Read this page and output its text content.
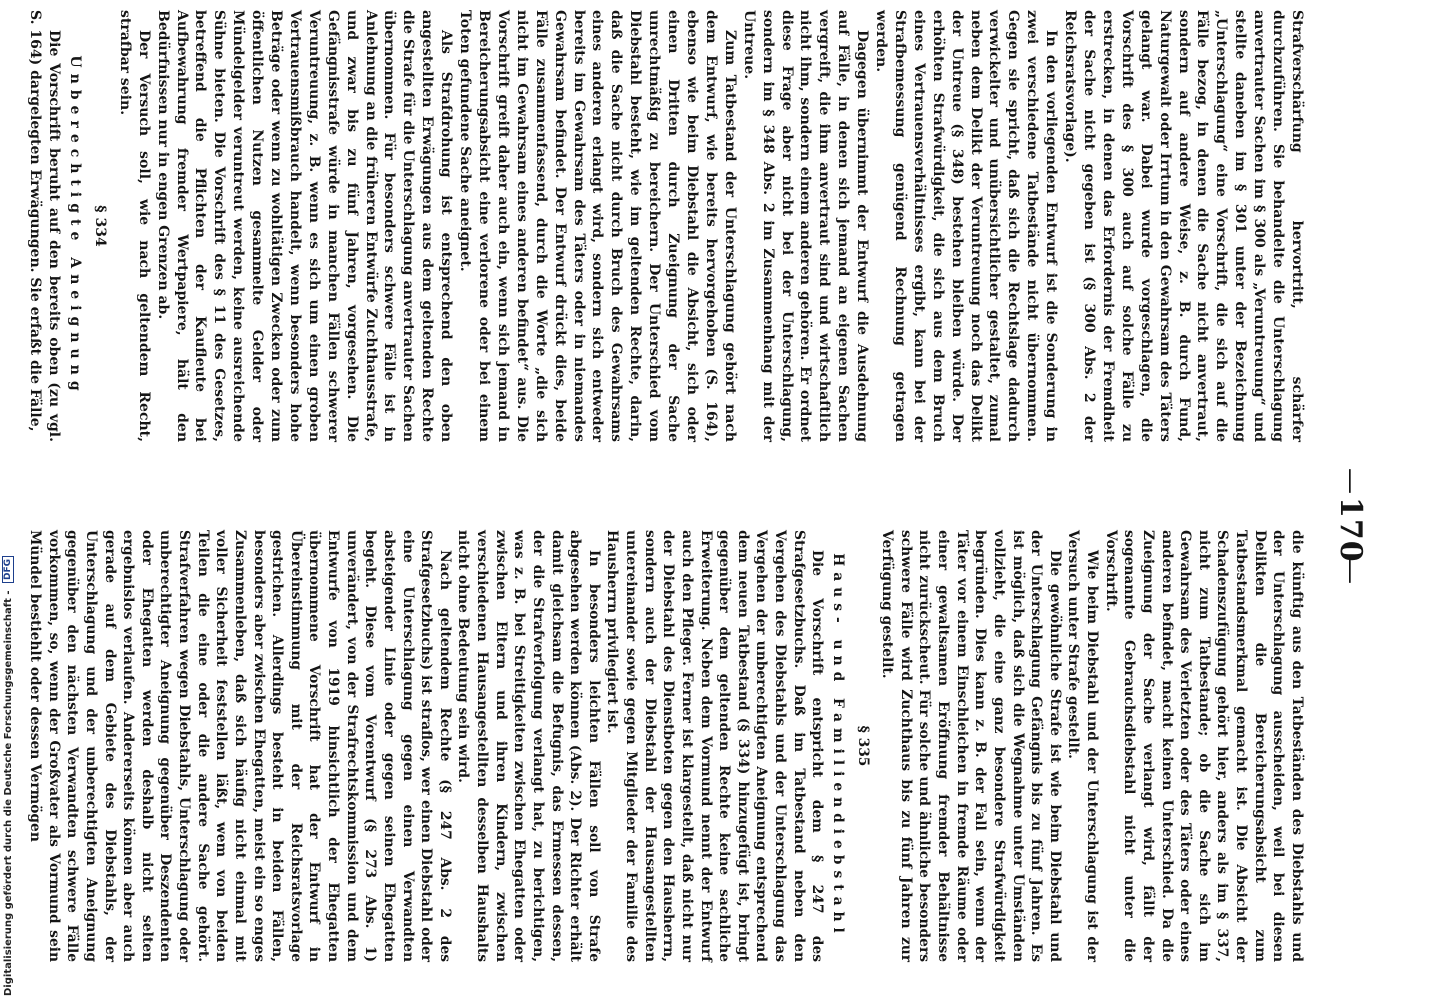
—
170
—

Strafverschärfung hervortritt, schärfer durchzuführen. Sie behandelte die Unterschlagung anvertrauter Sachen im § 300 als „Veruntreuung“ und stellte daneben im § 301 unter der Bezeichnung „Unterschlagung“ eine Vorschrift, die sich auf die Fälle bezog, in denen die Sache nicht anvertraut, sondern auf andere Weise, z. B. durch Fund, Naturgewalt oder Irrtum in den Gewahrsam des Täters gelangt war. Dabei wurde vorgeschlagen, die Vorschrift des § 300 auch auf solche Fälle zu erstrecken, in denen das Erfordernis der Fremdheit der Sache nicht gegeben ist (§ 300 Abs. 2 der Reichsratsvorlage).

In den vorliegenden Entwurf ist die Sonderung in zwei verschiedene Tatbestände nicht übernommen. Gegen sie spricht, daß sich die Rechtslage dadurch verwickelter und unübersichtlicher gestaltet, zumal neben dem Delikt der Veruntreuung noch das Delikt der Untreue (§ 348) bestehen bleiben würde. Der erhöhten Strafwürdigkeit, die sich aus dem Bruch eines Vertrauensverhältnisses ergibt, kann bei der Strafbemessung genügend Rechnung getragen werden.

Dagegen übernimmt der Entwurf die Ausdehnung auf Fälle, in denen sich jemand an eigenen Sachen vergreift, die ihm anvertraut sind und wirtschaftlich nicht ihm, sondern einem anderen gehören. Er ordnet diese Frage aber nicht bei der Unterschlagung, sondern im § 348 Abs. 2 im Zusammenhang mit der Untreue.

Zum Tatbestand der Unterschlagung gehört nach dem Entwurf, wie bereits hervorgehoben (S. 164), ebenso wie beim Diebstahl die Absicht, sich oder einen Dritten durch Zueignung der Sache unrechtmäßig zu bereichern. Der Unterschied vom Diebstahl besteht, wie im geltenden Rechte, darin, daß die Sache nicht durch Bruch des Gewahrsams eines anderen erlangt wird, sondern sich entweder bereits im Gewahrsam des Täters oder in niemandes Gewahrsam befindet. Der Entwurf drückt dies, beide Fälle zusammenfassend, durch die Worte „die sich nicht im Gewahrsam eines anderen befindet“ aus. Die Vorschrift greift daher auch ein, wenn sich jemand in Bereicherungsabsicht eine verlorene oder bei einem Toten gefundene Sache aneignet.

Als Strafdrohung ist entsprechend den oben angestellten Erwägungen aus dem geltenden Rechte die Strafe für die Unterschlagung anvertrauter Sachen übernommen. Für besonders schwere Fälle ist in Anlehnung an die früheren Entwürfe Zuchthausstrafe, und zwar bis zu fünf Jahren, vorgesehen. Die Gefängnisstrafe würde in manchen Fällen schwerer Veruntreuung, z. B. wenn es sich um einen groben Vertrauensmißbrauch handelt, wenn besonders hohe Beträge oder wenn zu wohltätigen Zwecken oder zum öffentlichen Nutzen gesammelte Gelder oder Mündelgelder veruntreut werden, keine ausreichende Sühne bieten. Die Vorschrift des § 11 des Gesetzes, betreffend die Pflichten der Kaufleute bei Aufbewahrung fremder Wertpapiere, hält den Bedürfnissen nur in engen Grenzen ab.

Der Versuch soll, wie nach geltendem Recht, strafbar sein.

§ 334
Unberechtigte Aneignung

Die Vorschrift beruht auf den bereits oben (zu vgl. S. 164) dargelegten Erwägungen. Sie erfaßt die Fälle,

die künftig aus den Tatbeständen des Diebstahls und der Unterschlagung ausscheiden, weil bei diesen Delikten die Bereicherungsabsicht zum Tatbestandsmerkmal gemacht ist. Die Absicht der Schadenszufügung gehört hier, anders als im § 337, nicht zum Tatbestande; ob die Sache sich im Gewahrsam des Verletzten oder des Täters oder eines anderen befindet, macht keinen Unterschied. Da die Zueignung der Sache verlangt wird, fällt der sogenannte Gebrauchsdiebstahl nicht unter die Vorschrift.

Wie beim Diebstahl und der Unterschlagung ist der Versuch unter Strafe gestellt.

Die gewöhnliche Strafe ist wie beim Diebstahl und der Unterschlagung Gefängnis bis zu fünf Jahren. Es ist möglich, daß sich die Wegnahme unter Umständen vollzieht, die eine ganz besondere Strafwürdigkeit begründen. Dies kann z. B. der Fall sein, wenn der Täter vor einem Einschleichen in fremde Räume oder einer gewaltsamen Eröffnung fremder Behältnisse nicht zurückscheut. Für solche und ähnliche besonders schwere Fälle wird Zuchthaus bis zu fünf Jahren zur Verfügung gestellt.

§ 335
Haus- und Familiendiebstahl

Die Vorschrift entspricht dem § 247 des Strafgesetzbuchs. Daß im Tatbestand neben den Vergehen des Diebstahls und der Unterschlagung das Vergehen der unberechtigten Aneignung entsprechend dem neuen Tatbestand (§ 334) hinzugefügt ist, bringt gegenüber dem geltenden Rechte keine sachliche Erweiterung. Neben dem Vormund nennt der Entwurf auch den Pfleger. Ferner ist klargestellt, daß nicht nur der Diebstahl des Dienstboten gegen den Hausherrn, sondern auch der Diebstahl der Hausangestellten untereinander sowie gegen Mitglieder der Familie des Hausherrn privilegiert ist.

In besonders leichten Fällen soll von Strafe abgesehen werden können (Abs. 2). Der Richter erhält damit gleichsam die Befugnis, das Ermessen dessen, der die Strafverfolgung verlangt hat, zu berichtigen, was z. B. bei Streitigkeiten zwischen Ehegatten oder zwischen Eltern und ihren Kindern, zwischen verschiedenen Hausangestellten desselben Haushalts nicht ohne Bedeutung sein wird.

Nach geltendem Rechte (§ 247 Abs. 2 des Strafgesetzbuchs) ist straflos, wer einen Diebstahl oder eine Unterschlagung gegen einen Verwandten absteigender Linie oder gegen seinen Ehegatten begeht. Diese vom Vorentwurf (§ 273 Abs. 1) unverändert, von der Strafrechtskommission und dem Entwurfe von 1919 hinsichtlich der Ehegatten übernommene Vorschrift hat der Entwurf in Übereinstimmung mit der Reichsratsvorlage gestrichen. Allerdings besteht in beiden Fällen, besonders aber zwischen Ehegatten, meist ein so enges Zusammenleben, daß sich häufig nicht einmal mit voller Sicherheit feststellen läßt, wem von beiden Teilen die eine oder die andere Sache gehört. Strafverfahren wegen Diebstahls, Unterschlagung oder unberechtigter Aneignung gegenüber Deszendenten oder Ehegatten werden deshalb nicht selten ergebnislos verlaufen. Andererseits können aber auch gerade auf dem Gebiete des Diebstahls, der Unterschlagung und der unberechtigten Aneignung gegenüber den nächsten Verwandten schwere Fälle vorkommen, so, wenn der Großvater als Vormund sein Mündel bestiehlt oder dessen Vermögen

Digitalisierung gefördert durch die Deutsche Forschungsgemeinschaft - DFG
